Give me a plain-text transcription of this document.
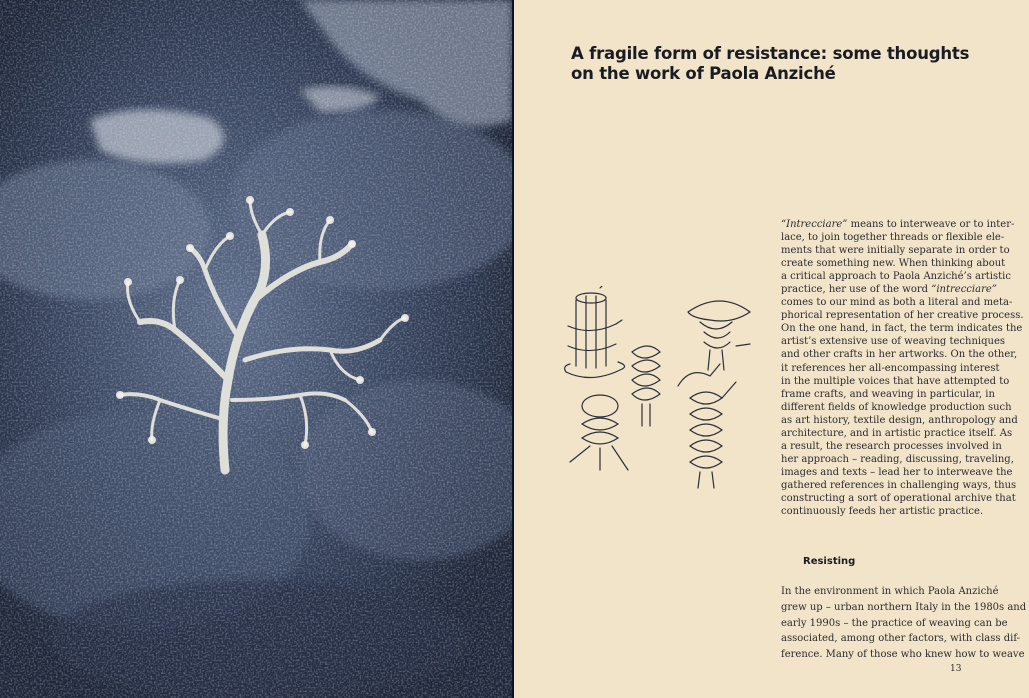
A fragile form of resistance: some thoughts
on the work of Paola Anziché
“Intrecciare” means to interweave or to inter-
lace, to join together threads or flexible ele-
ments that were initially separate in order to
create something new. When thinking about
a critical approach to Paola Anziché’s artistic
practice, her use of the word “intrecciare”
comes to our mind as both a literal and meta-
phorical representation of her creative process.
On the one hand, in fact, the term indicates the
artist’s extensive use of weaving techniques
and other crafts in her artworks. On the other,
it references her all-encompassing interest
in the multiple voices that have attempted to
frame crafts, and weaving in particular, in
different fields of knowledge production such
as art history, textile design, anthropology and
architecture, and in artistic practice itself. As
a result, the research processes involved in
her approach – reading, discussing, traveling,
images and texts – lead her to interweave the
gathered references in challenging ways, thus
constructing a sort of operational archive that
continuously feeds her artistic practice.
Resisting
In the environment in which Paola Anziché
grew up – urban northern Italy in the 1980s and
early 1990s – the practice of weaving can be
associated, among other factors, with class dif-
ference. Many of those who knew how to weave
13
